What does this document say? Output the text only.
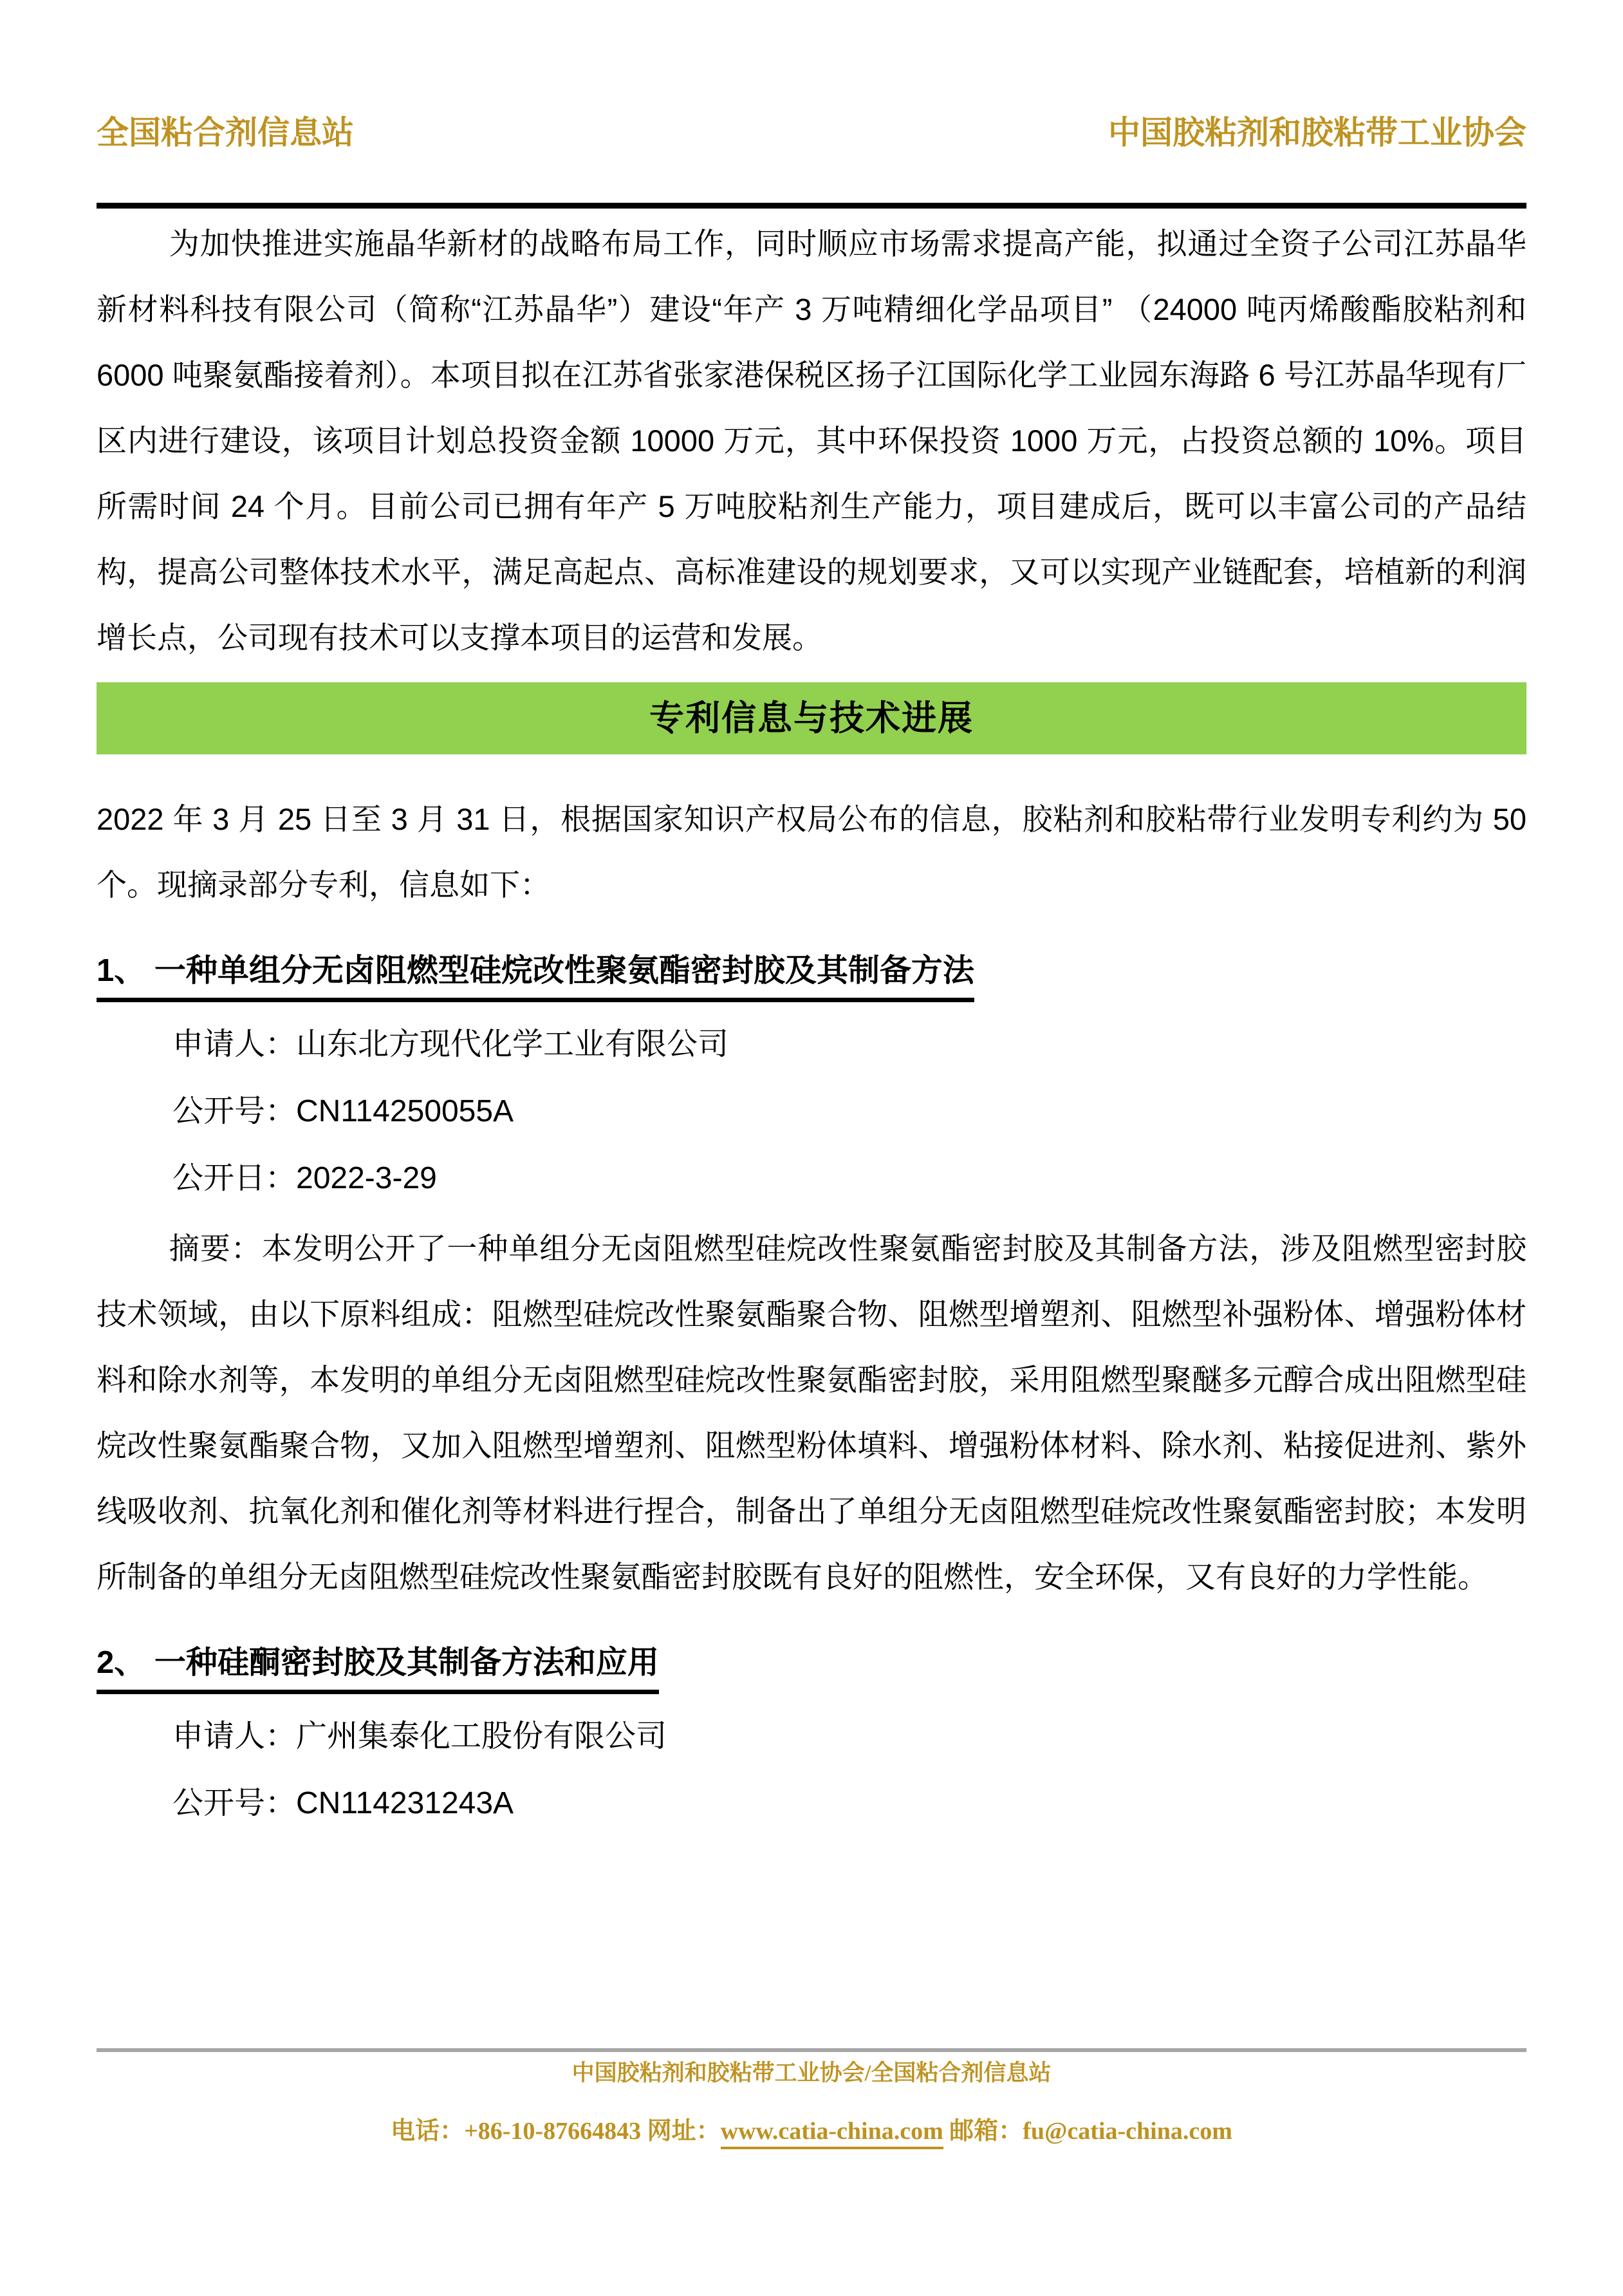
全国粘合剂信息站	中国胶粘剂和胶粘带工业协会

为加快推进实施晶华新材的战略布局工作，同时顺应市场需求提高产能，拟通过全资子公司江苏晶华新材料科技有限公司（简称“江苏晶华”）建设“年产 3 万吨精细化学品项目” （24000 吨丙烯酸酯胶粘剂和 6000 吨聚氨酯接着剂）。本项目拟在江苏省张家港保税区扬子江国际化学工业园东海路 6 号江苏晶华现有厂区内进行建设，该项目计划总投资金额 10000 万元，其中环保投资 1000 万元，占投资总额的 10%。项目所需时间 24 个月。目前公司已拥有年产 5 万吨胶粘剂生产能力，项目建成后，既可以丰富公司的产品结构，提高公司整体技术水平，满足高起点、高标准建设的规划要求，又可以实现产业链配套，培植新的利润增长点，公司现有技术可以支撑本项目的运营和发展。

专利信息与技术进展

2022 年 3 月 25 日至 3 月 31 日，根据国家知识产权局公布的信息，胶粘剂和胶粘带行业发明专利约为 50 个。现摘录部分专利，信息如下：

1、 一种单组分无卤阻燃型硅烷改性聚氨酯密封胶及其制备方法

申请人：山东北方现代化学工业有限公司

公开号：CN114250055A

公开日：2022-3-29

摘要：本发明公开了一种单组分无卤阻燃型硅烷改性聚氨酯密封胶及其制备方法，涉及阻燃型密封胶技术领域，由以下原料组成：阻燃型硅烷改性聚氨酯聚合物、阻燃型增塑剂、阻燃型补强粉体、增强粉体材料和除水剂等，本发明的单组分无卤阻燃型硅烷改性聚氨酯密封胶，采用阻燃型聚醚多元醇合成出阻燃型硅烷改性聚氨酯聚合物，又加入阻燃型增塑剂、阻燃型粉体填料、增强粉体材料、除水剂、粘接促进剂、紫外线吸收剂、抗氧化剂和催化剂等材料进行捏合，制备出了单组分无卤阻燃型硅烷改性聚氨酯密封胶；本发明所制备的单组分无卤阻燃型硅烷改性聚氨酯密封胶既有良好的阻燃性，安全环保，又有良好的力学性能。

2、 一种硅酮密封胶及其制备方法和应用

申请人：广州集泰化工股份有限公司

公开号：CN114231243A

中国胶粘剂和胶粘带工业协会/全国粘合剂信息站
电话：+86-10-87664843 网址：www.catia-china.com 邮箱：fu@catia-china.com
